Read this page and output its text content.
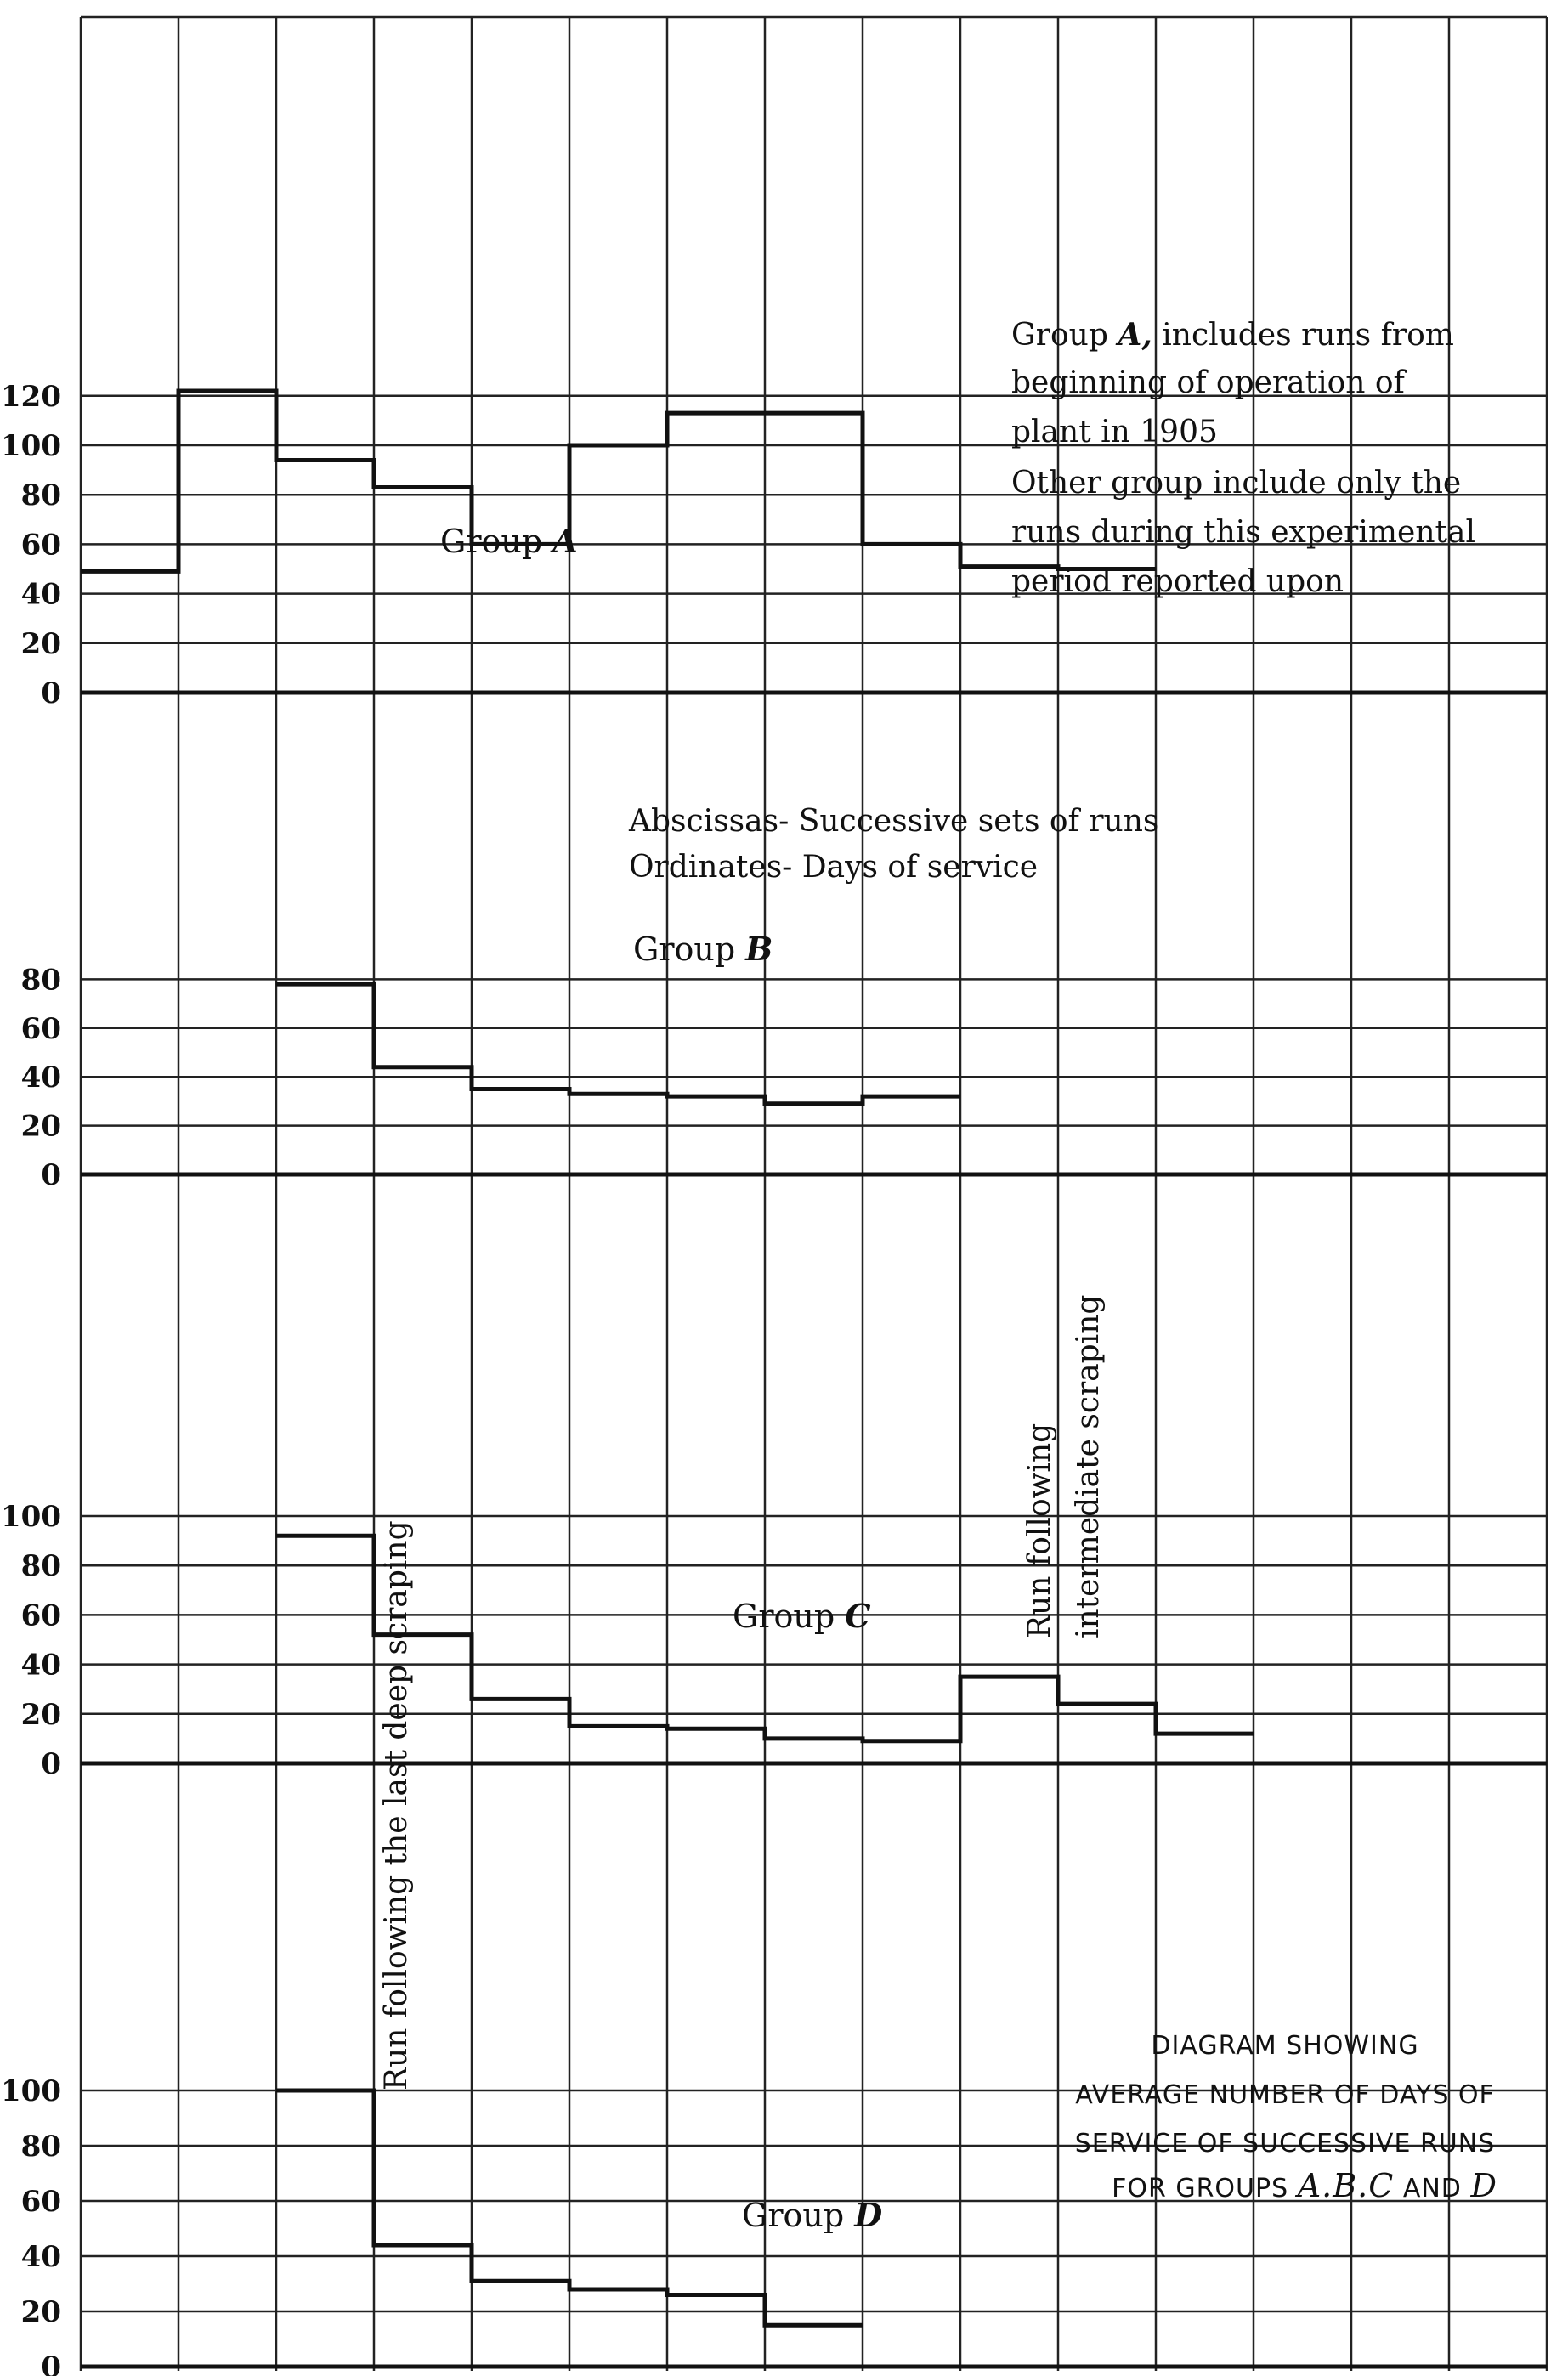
0
20
40
60
80
100
120
0
20
40
60
80
0
20
40
60
80
100
0
20
40
60
80
100
Group A
Group B
Group C
Group D
Group A, includes runs from
beginning of operation of
plant in 1905
Other group include only the
runs during this experimental
period reported upon
Abscissas- Successive sets of runs
Ordinates- Days of service
Run following the last deep scraping	Run following intermediate scraping
DIAGRAM SHOWING
AVERAGE NUMBER OF DAYS OF
SERVICE OF SUCCESSIVE RUNS
FOR GROUPS A.B.C AND D
